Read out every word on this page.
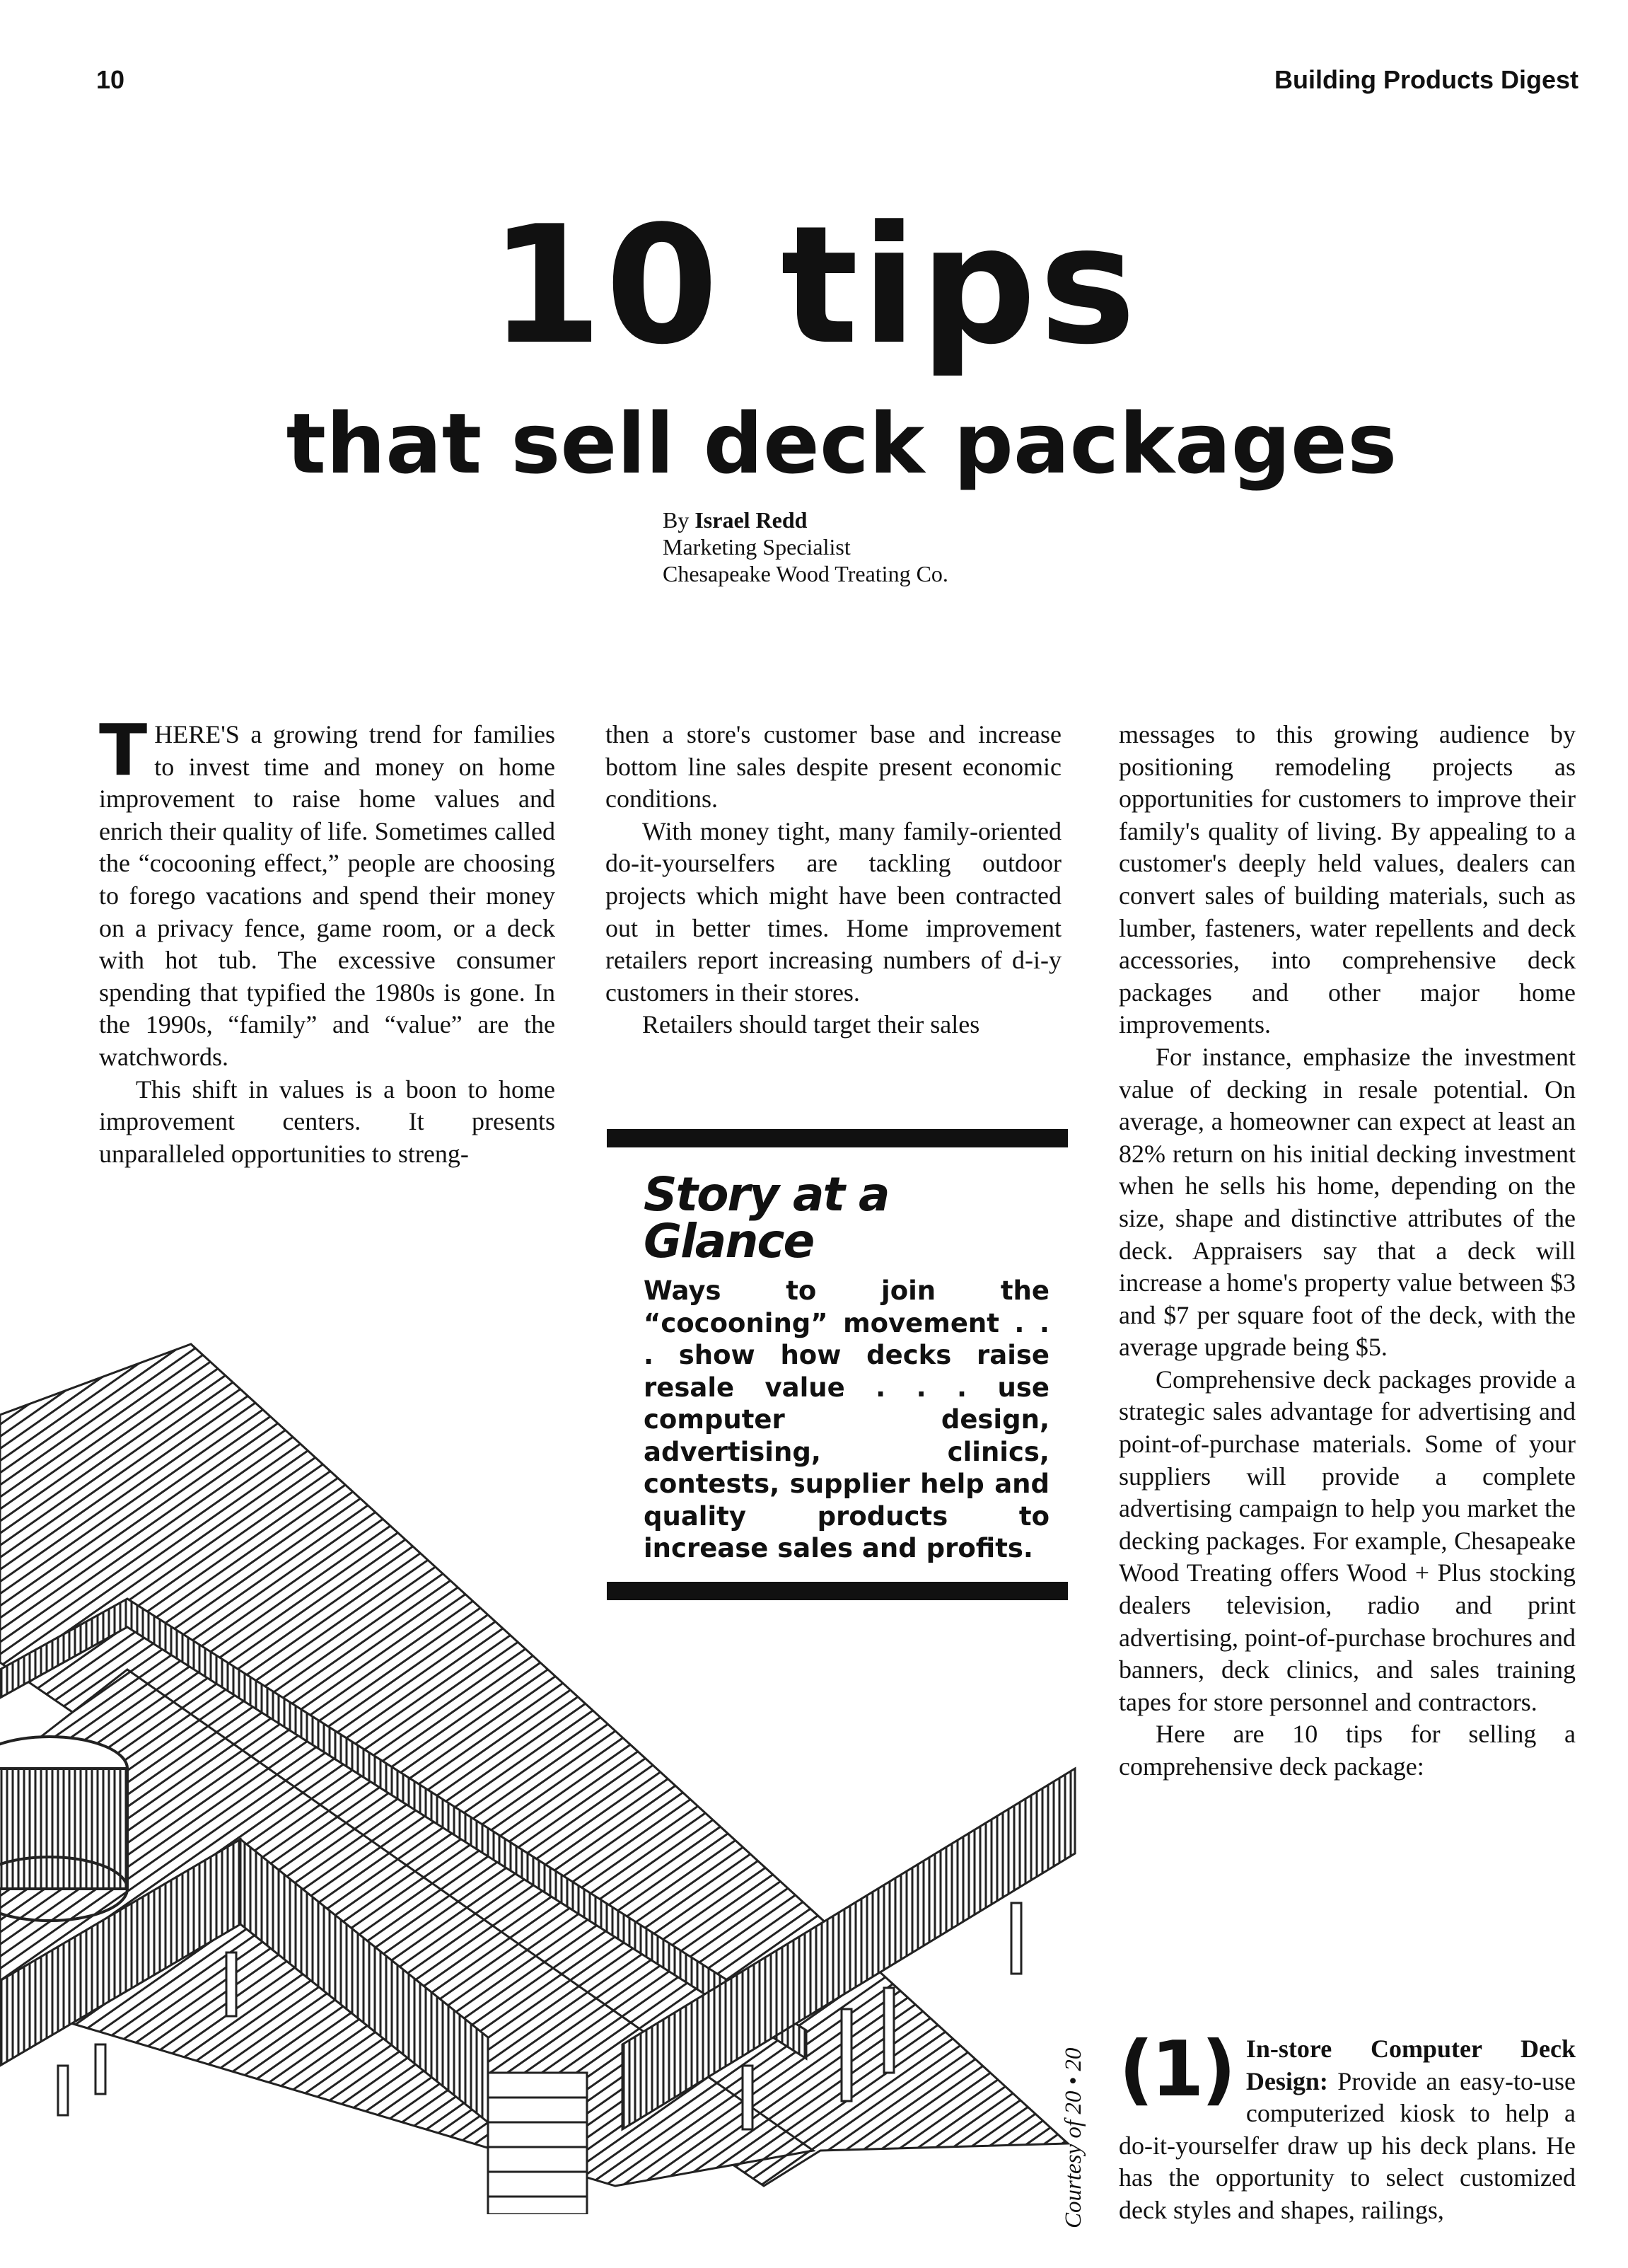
10	Building Products Digest
10 tips
that sell deck packages
By Israel Redd
Marketing Specialist
Chesapeake Wood Treating Co.

THERE'S a growing trend for families to invest time and money on home improvement to raise home values and enrich their quality of life. Sometimes called the “cocooning effect,” people are choosing to forego vacations and spend their money on a privacy fence, game room, or a deck with hot tub. The excessive consumer spending that typified the 1980s is gone. In the 1990s, “family” and “value” are the watchwords.

This shift in values is a boon to home improvement centers. It presents unparalleled opportunities to streng-

then a store's customer base and increase bottom line sales despite present economic conditions.

With money tight, many family-oriented do-it-yourselfers are tackling outdoor projects which might have been contracted out in better times. Home improvement retailers report increasing numbers of d-i-y customers in their stores.

Retailers should target their sales

Story at a Glance
Ways to join the “cocooning” movement . . . show how decks raise resale value . . . use computer design, advertising, clinics, contests, supplier help and quality products to increase sales and profits.
Courtesy of 20 • 20

messages to this growing audience by positioning remodeling projects as opportunities for customers to improve their family's quality of living. By appealing to a customer's deeply held values, dealers can convert sales of building materials, such as lumber, fasteners, water repellents and deck accessories, into comprehensive deck packages and other major home improvements.

For instance, emphasize the investment value of decking in resale potential. On average, a homeowner can expect at least an 82% return on his initial decking investment when he sells his home, depending on the size, shape and distinctive attributes of the deck. Appraisers say that a deck will increase a home's property value between $3 and $7 per square foot of the deck, with the average upgrade being $5.

Comprehensive deck packages provide a strategic sales advantage for advertising and point-of-purchase materials. Some of your suppliers will provide a complete advertising campaign to help you market the decking packages. For example, Chesapeake Wood Treating offers Wood + Plus stocking dealers television, radio and print advertising, point-of-purchase brochures and banners, deck clinics, and sales training tapes for store personnel and contractors.

Here are 10 tips for selling a comprehensive deck package:

(1) In-store Computer Deck Design: Provide an easy-to-use computerized kiosk to help a do-it-yourselfer draw up his deck plans. He has the opportunity to select customized deck styles and shapes, railings,
